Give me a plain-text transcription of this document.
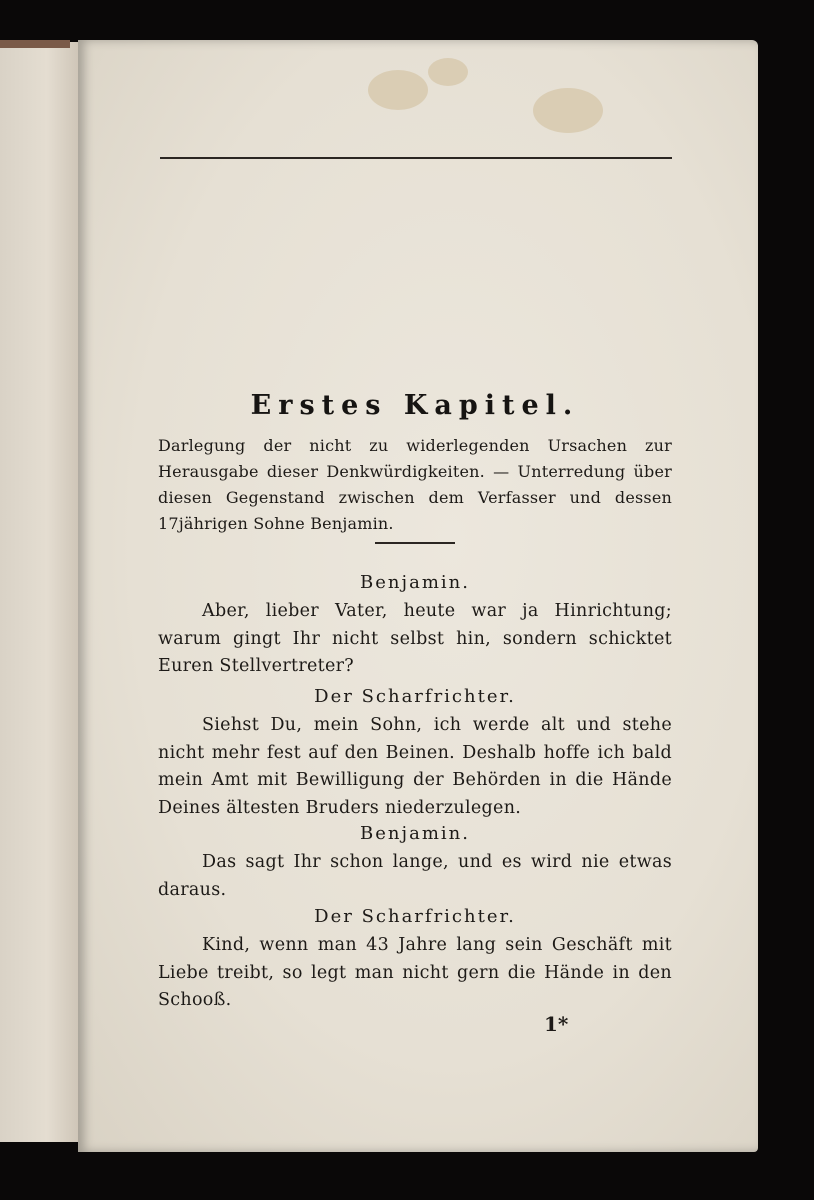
Erstes Kapitel.
Darlegung der nicht zu widerlegenden Ursachen zur Herausgabe dieser Denkwürdigkeiten. — Unterredung über diesen Gegenstand zwischen dem Verfasser und dessen 17jährigen Sohne Benjamin.
Benjamin.
Aber, lieber Vater, heute war ja Hinrichtung; warum gingt Ihr nicht selbst hin, sondern schicktet Euren Stellvertreter?
Der Scharfrichter.
Siehst Du, mein Sohn, ich werde alt und stehe nicht mehr fest auf den Beinen. Deshalb hoffe ich bald mein Amt mit Bewilligung der Behörden in die Hände Deines ältesten Bruders niederzulegen.
Benjamin.
Das sagt Ihr schon lange, und es wird nie etwas daraus.
Der Scharfrichter.
Kind, wenn man 43 Jahre lang sein Geschäft mit Liebe treibt, so legt man nicht gern die Hände in den Schooß.
1*
